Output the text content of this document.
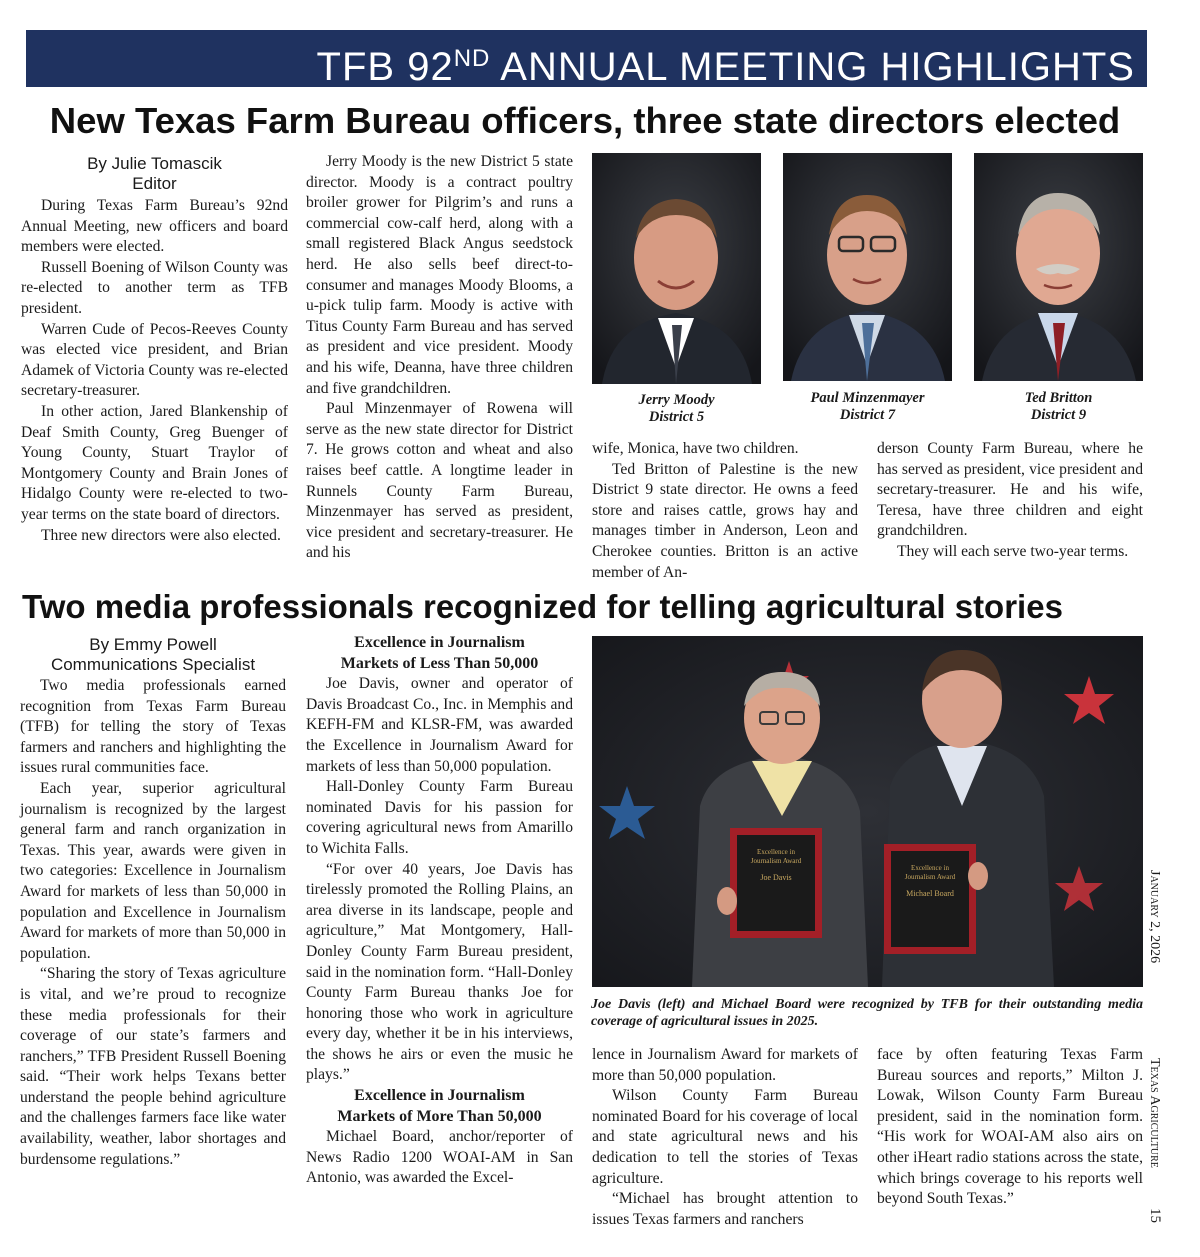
TFB 92ND ANNUAL MEETING HIGHLIGHTS
New Texas Farm Bureau officers, three state directors elected

By Julie Tomascik

Editor

During Texas Farm Bureau’s 92nd Annual Meeting, new officers and board members were elected.

Russell Boening of Wilson County was re-elected to another term as TFB president.

Warren Cude of Pecos-Reeves County was elected vice president, and Brian Adamek of Victoria County was re-elected secretary-treasurer.

In other action, Jared Blankenship of Deaf Smith County, Greg Buenger of Young County, Stuart Traylor of Montgomery County and Brain Jones of Hidalgo County were re-elected to two-year terms on the state board of directors.

Three new directors were also elected.

Jerry Moody is the new District 5 state director. Moody is a contract poultry broiler grower for Pilgrim’s and runs a commercial cow-calf herd, along with a small registered Black Angus seedstock herd. He also sells beef direct-to-consumer and manages Moody Blooms, a u-pick tulip farm. Moody is active with Titus County Farm Bureau and has served as president and vice president. Moody and his wife, Deanna, have three children and five grandchildren.

Paul Minzenmayer of Rowena will serve as the new state director for District 7. He grows cotton and wheat and also raises beef cattle. A longtime leader in Runnels County Farm Bureau, Minzenmayer has served as president, vice president and secretary-treasurer. He and his

Jerry Moody
District 5
Paul Minzenmayer
District 7
Ted Britton
District 9

wife, Monica, have two children.

Ted Britton of Palestine is the new District 9 state director. He owns a feed store and raises cattle, grows hay and manages timber in Anderson, Leon and Cherokee counties. Britton is an active member of An-

derson County Farm Bureau, where he has served as president, vice president and secretary-treasurer. He and his wife, Teresa, have three children and eight grandchildren.

They will each serve two-year terms.

Two media professionals recognized for telling agricultural stories

By Emmy Powell

Communications Specialist

Two media professionals earned recognition from Texas Farm Bureau (TFB) for telling the story of Texas farmers and ranchers and highlighting the issues rural communities face.

Each year, superior agricultural journalism is recognized by the largest general farm and ranch organization in Texas. This year, awards were given in two categories: Excellence in Journalism Award for markets of less than 50,000 in population and Excellence in Journalism Award for markets of more than 50,000 in population.

“Sharing the story of Texas agriculture is vital, and we’re proud to recognize these media professionals for their coverage of our state’s farmers and ranchers,” TFB President Russell Boening said. “Their work helps Texans better understand the people behind agriculture and the challenges farmers face like water availability, weather, labor shortages and burdensome regulations.”

Excellence in Journalism

Markets of Less Than 50,000

Joe Davis, owner and operator of Davis Broadcast Co., Inc. in Memphis and KEFH-FM and KLSR-FM, was awarded the Excellence in Journalism Award for markets of less than 50,000 population.

Hall-Donley County Farm Bureau nominated Davis for his passion for covering agricultural news from Amarillo to Wichita Falls.

“For over 40 years, Joe Davis has tirelessly promoted the Rolling Plains, an area diverse in its landscape, people and agriculture,” Mat Montgomery, Hall-Donley County Farm Bureau president, said in the nomination form. “Hall-Donley County Farm Bureau thanks Joe for honoring those who work in agriculture every day, whether it be in his interviews, the shows he airs or even the music he plays.”

Excellence in Journalism

Markets of More Than 50,000

Michael Board, anchor/reporter of News Radio 1200 WOAI-AM in San Antonio, was awarded the Excel-

Excellence in
Journalism Award
Joe Davis
Excellence in
Journalism Award
Michael Board
Joe Davis (left) and Michael Board were recognized by TFB for their outstanding media coverage of agricultural issues in 2025.

lence in Journalism Award for markets of more than 50,000 population.

Wilson County Farm Bureau nominated Board for his coverage of local and state agricultural news and his dedication to tell the stories of Texas agriculture.

“Michael has brought attention to issues Texas farmers and ranchers

face by often featuring Texas Farm Bureau sources and reports,” Milton J. Lowak, Wilson County Farm Bureau president, said in the nomination form. “His work for WOAI-AM also airs on other iHeart radio stations across the state, which brings coverage to his reports well beyond South Texas.”

January 2, 2026
Texas Agriculture
15
